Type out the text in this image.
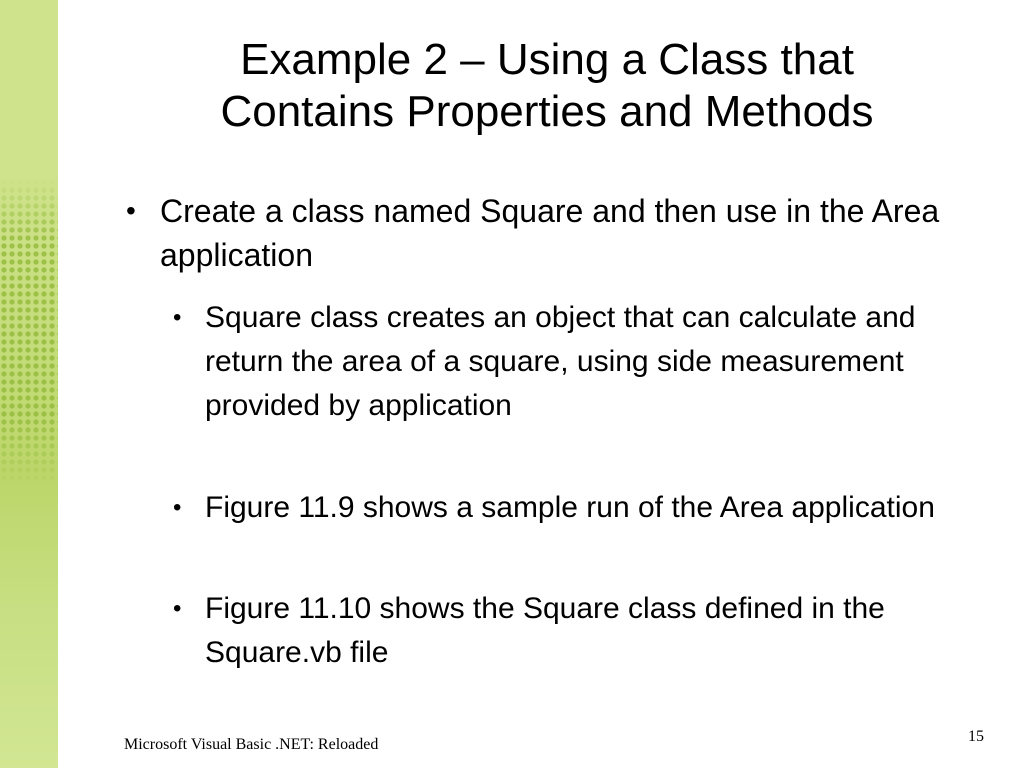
Example 2 – Using a Class that
Contains Properties and Methods
• Create a class named Square and then use in the Area application
• Square class creates an object that can calculate and return the area of a square, using side measurement provided by application
• Figure 11.9 shows a sample run of the Area application
• Figure 11.10 shows the Square class defined in the Square.vb file
Microsoft Visual Basic .NET: Reloaded	15
